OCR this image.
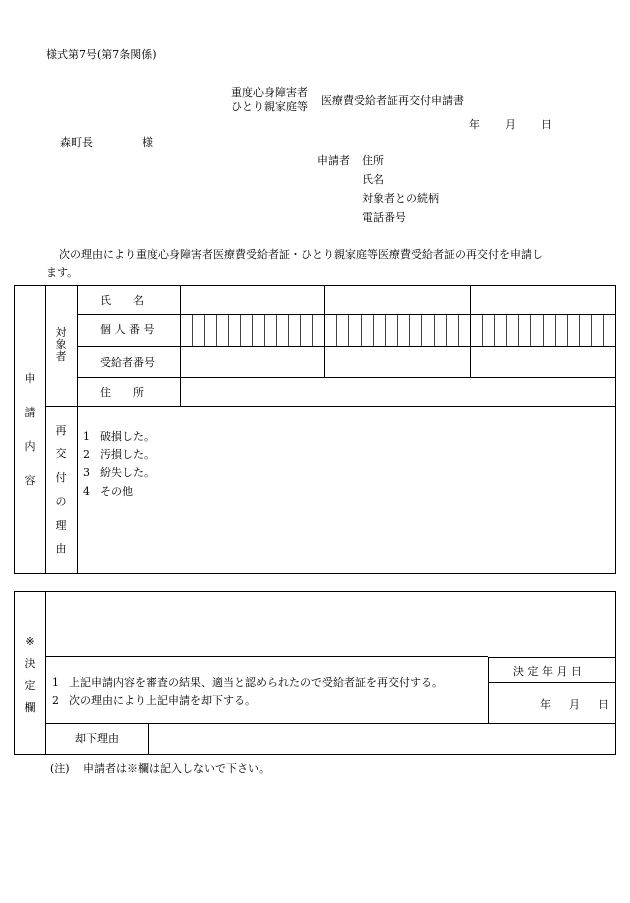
様式第7号(第7条関係)
重度心身障害者
ひとり親家庭等 医療費受給者証再交付申請書
年 月 日
森町長	様
申請者 住所
氏名
対象者との続柄
電話番号
次の理由により重度心身障害者医療費受給者証・ひとり親家庭等医療費受給者証の再交付を申請し
ます。
申
請
内
容
対
象
者
氏　　名
個 人 番 号
受給者番号
住　　所
再
交
付
の
理
由
1 破損した。
2 汚損した。
3 紛失した。
4 その他
※
決
定
欄
1 上記申請内容を審査の結果、適当と認められたので受給者証を再交付する。
2 次の理由により上記申請を却下する。
決 定 年 月 日
年 月 日
却下理由
(注) 申請者は※欄は記入しないで下さい。
